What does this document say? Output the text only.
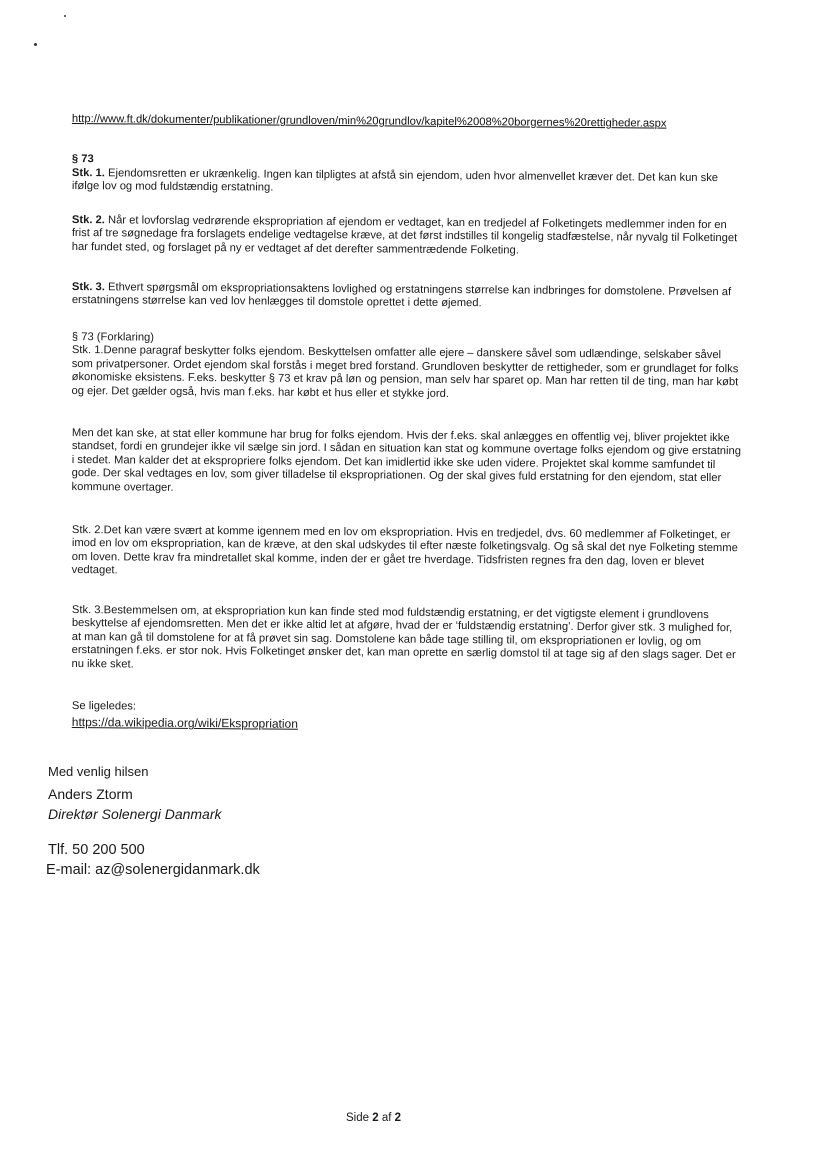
http://www.ft.dk/dokumenter/publikationer/grundloven/min%20grundlov/kapitel%2008%20borgernes%20rettigheder.aspx

§ 73

Stk. 1. Ejendomsretten er ukrænkelig. Ingen kan tilpligtes at afstå sin ejendom, uden hvor almenvellet kræver det. Det kan kun ske ifølge lov og mod fuldstændig erstatning.

Stk. 2. Når et lovforslag vedrørende ekspropriation af ejendom er vedtaget, kan en tredjedel af Folketingets medlemmer inden for en frist af tre søgnedage fra forslagets endelige vedtagelse kræve, at det først indstilles til kongelig stadfæstelse, når nyvalg til Folketinget har fundet sted, og forslaget på ny er vedtaget af det derefter sammentrædende Folketing.

Stk. 3. Ethvert spørgsmål om ekspropriationsaktens lovlighed og erstatningens størrelse kan indbringes for domstolene. Prøvelsen af erstatningens størrelse kan ved lov henlægges til domstole oprettet i dette øjemed.

§ 73 (Forklaring)

Stk. 1.Denne paragraf beskytter folks ejendom. Beskyttelsen omfatter alle ejere – danskere såvel som udlændinge, selskaber såvel som privatpersoner. Ordet ejendom skal forstås i meget bred forstand. Grundloven beskytter de rettigheder, som er grundlaget for folks økonomiske eksistens. F.eks. beskytter § 73 et krav på løn og pension, man selv har sparet op. Man har retten til de ting, man har købt og ejer. Det gælder også, hvis man f.eks. har købt et hus eller et stykke jord.

Men det kan ske, at stat eller kommune har brug for folks ejendom. Hvis der f.eks. skal anlægges en offentlig vej, bliver projektet ikke standset, fordi en grundejer ikke vil sælge sin jord. I sådan en situation kan stat og kommune overtage folks ejendom og give erstatning i stedet. Man kalder det at ekspropriere folks ejendom. Det kan imidlertid ikke ske uden videre. Projektet skal komme samfundet til gode. Der skal vedtages en lov, som giver tilladelse til ekspropriationen. Og der skal gives fuld erstatning for den ejendom, stat eller kommune overtager.

Stk. 2.Det kan være svært at komme igennem med en lov om ekspropriation. Hvis en tredjedel, dvs. 60 medlemmer af Folketinget, er imod en lov om ekspropriation, kan de kræve, at den skal udskydes til efter næste folketingsvalg. Og så skal det nye Folketing stemme om loven. Dette krav fra mindretallet skal komme, inden der er gået tre hverdage. Tidsfristen regnes fra den dag, loven er blevet vedtaget.

Stk. 3.Bestemmelsen om, at ekspropriation kun kan finde sted mod fuldstændig erstatning, er det vigtigste element i grundlovens beskyttelse af ejendomsretten. Men det er ikke altid let at afgøre, hvad der er ‘fuldstændig erstatning’. Derfor giver stk. 3 mulighed for, at man kan gå til domstolene for at få prøvet sin sag. Domstolene kan både tage stilling til, om ekspropriationen er lovlig, og om erstatningen f.eks. er stor nok. Hvis Folketinget ønsker det, kan man oprette en særlig domstol til at tage sig af den slags sager. Det er nu ikke sket.

Se ligeledes:

https://da.wikipedia.org/wiki/Ekspropriation

Med venlig hilsen
Anders Ztorm
Direktør Solenergi Danmark
Tlf. 50 200 500
E-mail: az@solenergidanmark.dk
Side 2 af 2
